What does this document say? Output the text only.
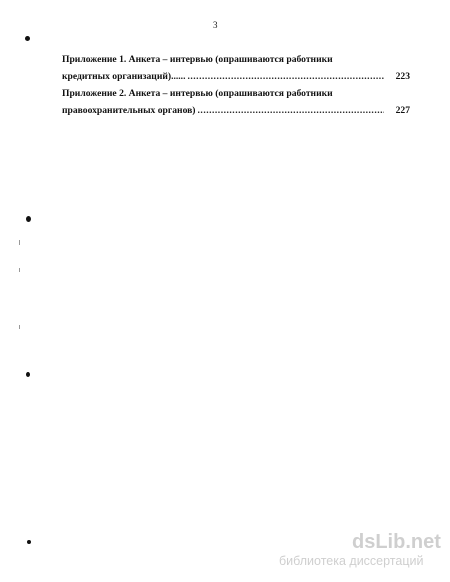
3
Приложение 1. Анкета – интервью (опрашиваются работники
кредитных организаций)...... .....	223
Приложение 2. Анкета – интервью (опрашиваются работники
правоохранительных органов) .....	227
dsLib.net
библиотека диссертаций
